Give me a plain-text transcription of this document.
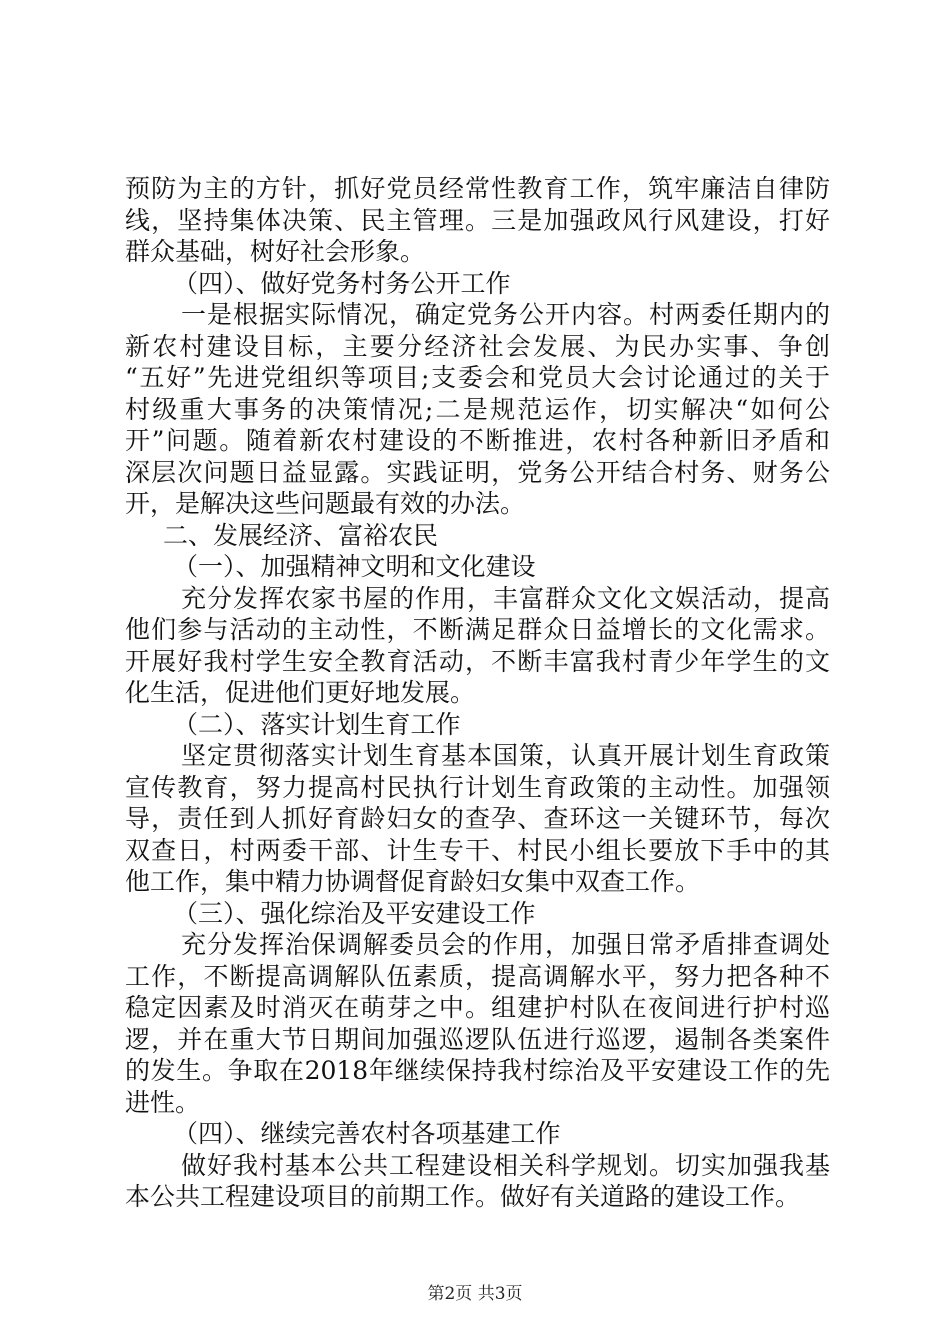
预防为主的方针，抓好党员经常性教育工作，筑牢廉洁自律防
线，坚持集体决策、民主管理。三是加强政风行风建设，打好
群众基础，树好社会形象。
（四）、做好党务村务公开工作
一是根据实际情况，确定党务公开内容。村两委任期内的
新农村建设目标，主要分经济社会发展、为民办实事、争创
“五好”先进党组织等项目;支委会和党员大会讨论通过的关于
村级重大事务的决策情况;二是规范运作，切实解决“如何公
开”问题。随着新农村建设的不断推进，农村各种新旧矛盾和
深层次问题日益显露。实践证明，党务公开结合村务、财务公
开，是解决这些问题最有效的办法。
二、发展经济、富裕农民
（一）、加强精神文明和文化建设
充分发挥农家书屋的作用，丰富群众文化文娱活动，提高
他们参与活动的主动性，不断满足群众日益增长的文化需求。
开展好我村学生安全教育活动，不断丰富我村青少年学生的文
化生活，促进他们更好地发展。
（二）、落实计划生育工作
坚定贯彻落实计划生育基本国策，认真开展计划生育政策
宣传教育，努力提高村民执行计划生育政策的主动性。加强领
导，责任到人抓好育龄妇女的查孕、查环这一关键环节，每次
双查日，村两委干部、计生专干、村民小组长要放下手中的其
他工作，集中精力协调督促育龄妇女集中双查工作。
（三）、强化综治及平安建设工作
充分发挥治保调解委员会的作用，加强日常矛盾排查调处
工作，不断提高调解队伍素质，提高调解水平，努力把各种不
稳定因素及时消灭在萌芽之中。组建护村队在夜间进行护村巡
逻，并在重大节日期间加强巡逻队伍进行巡逻，遏制各类案件
的发生。争取在2018年继续保持我村综治及平安建设工作的先
进性。
（四）、继续完善农村各项基建工作
做好我村基本公共工程建设相关科学规划。切实加强我基
本公共工程建设项目的前期工作。做好有关道路的建设工作。
第2页 共3页
